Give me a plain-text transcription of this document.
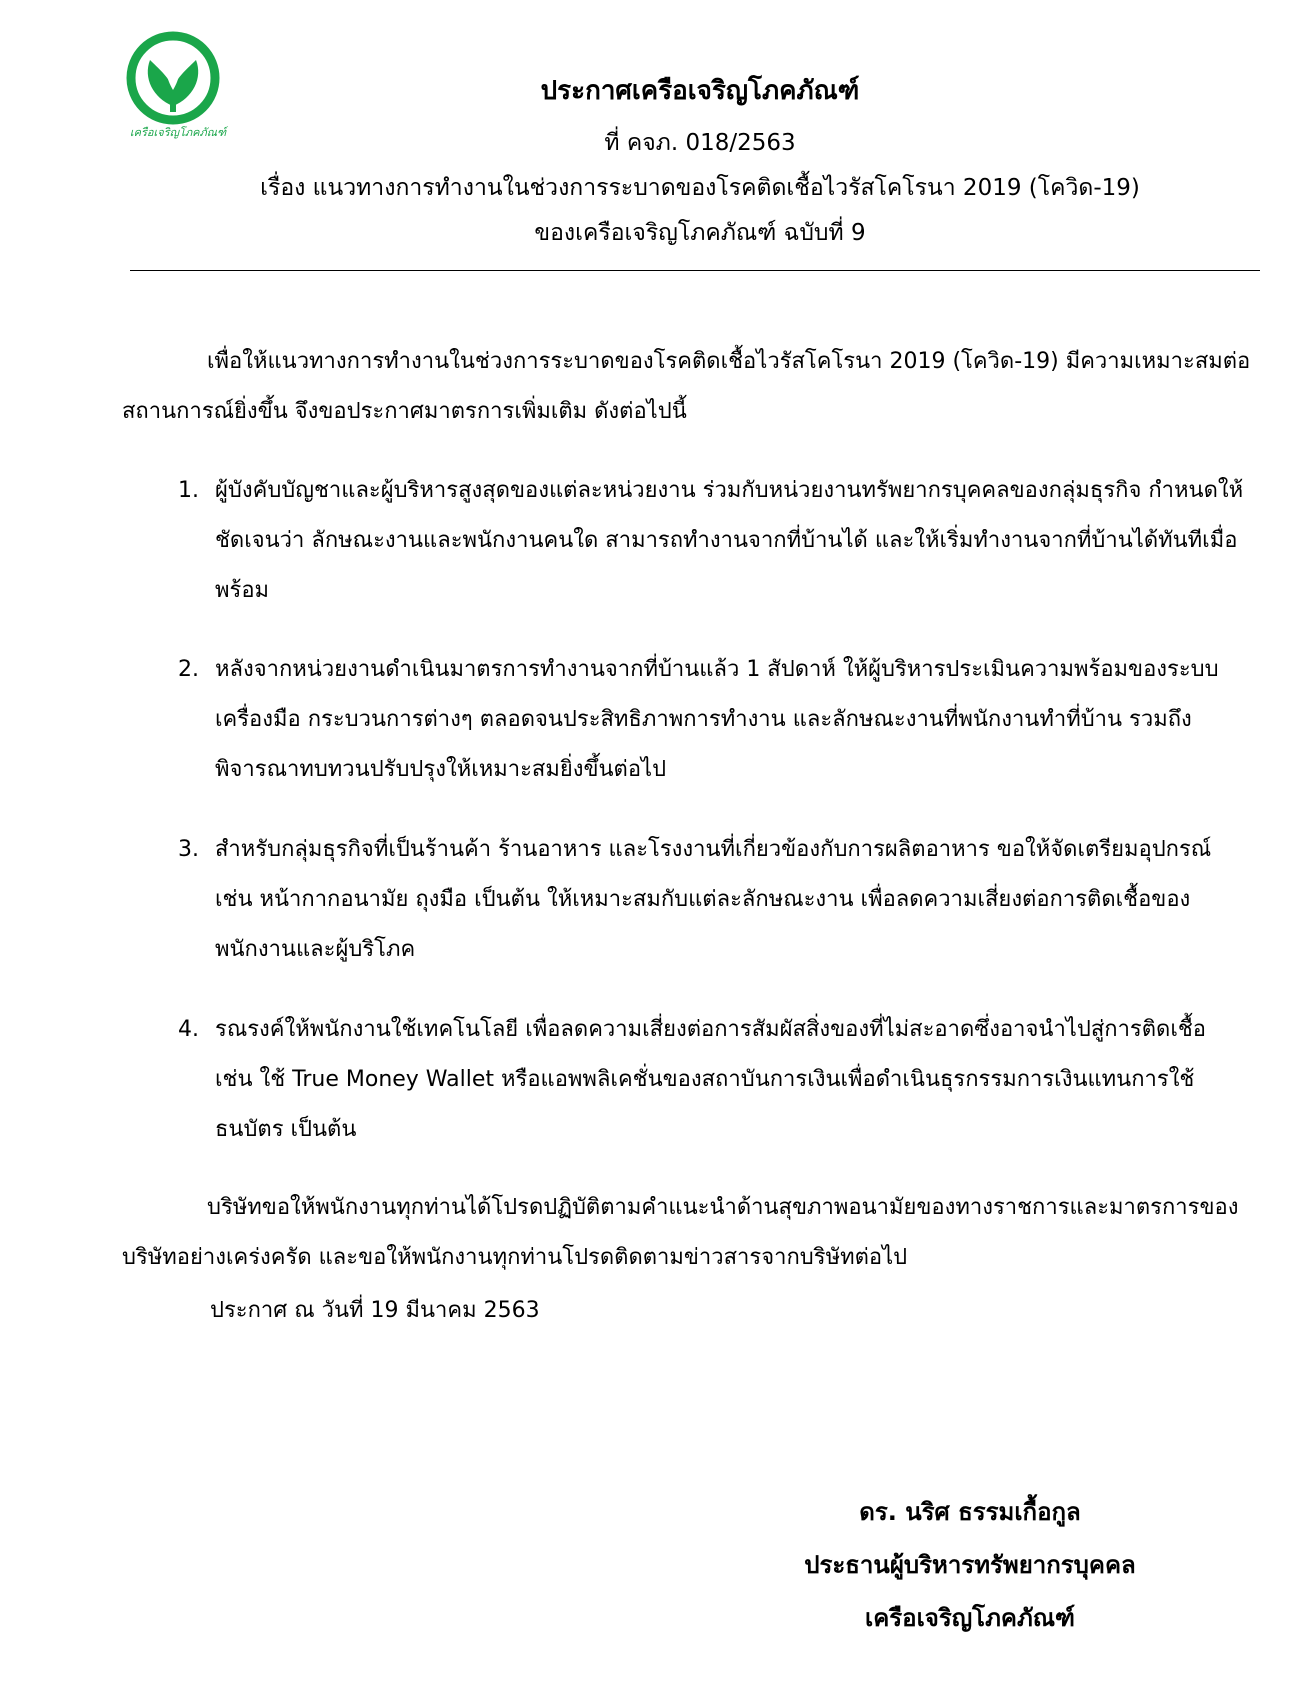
เครือเจริญโภคภัณฑ์
ประกาศเครือเจริญโภคภัณฑ์
ที่ คจภ. 018/2563
เรื่อง แนวทางการทำงานในช่วงการระบาดของโรคติดเชื้อไวรัสโคโรนา 2019 (โควิด-19)
ของเครือเจริญโภคภัณฑ์ ฉบับที่ 9

เพื่อให้แนวทางการทำงานในช่วงการระบาดของโรคติดเชื้อไวรัสโคโรนา 2019 (โควิด-19) มีความเหมาะสมต่อสถานการณ์ยิ่งขึ้น จึงขอประกาศมาตรการเพิ่มเติม ดังต่อไปนี้

1. ผู้บังคับบัญชาและผู้บริหารสูงสุดของแต่ละหน่วยงาน ร่วมกับหน่วยงานทรัพยากรบุคคลของกลุ่มธุรกิจ กำหนดให้ชัดเจนว่า ลักษณะงานและพนักงานคนใด สามารถทำงานจากที่บ้านได้ และให้เริ่มทำงานจากที่บ้านได้ทันทีเมื่อพร้อม
2. หลังจากหน่วยงานดำเนินมาตรการทำงานจากที่บ้านแล้ว 1 สัปดาห์ ให้ผู้บริหารประเมินความพร้อมของระบบ เครื่องมือ กระบวนการต่างๆ ตลอดจนประสิทธิภาพการทำงาน และลักษณะงานที่พนักงานทำที่บ้าน รวมถึงพิจารณาทบทวนปรับปรุงให้เหมาะสมยิ่งขึ้นต่อไป
3. สำหรับกลุ่มธุรกิจที่เป็นร้านค้า ร้านอาหาร และโรงงานที่เกี่ยวข้องกับการผลิตอาหาร ขอให้จัดเตรียมอุปกรณ์ เช่น หน้ากากอนามัย ถุงมือ เป็นต้น ให้เหมาะสมกับแต่ละลักษณะงาน เพื่อลดความเสี่ยงต่อการติดเชื้อของพนักงานและผู้บริโภค
4. รณรงค์ให้พนักงานใช้เทคโนโลยี เพื่อลดความเสี่ยงต่อการสัมผัสสิ่งของที่ไม่สะอาดซึ่งอาจนำไปสู่การติดเชื้อ เช่น ใช้ True Money Wallet หรือแอพพลิเคชั่นของสถาบันการเงินเพื่อดำเนินธุรกรรมการเงินแทนการใช้ธนบัตร เป็นต้น

บริษัทขอให้พนักงานทุกท่านได้โปรดปฏิบัติตามคำแนะนำด้านสุขภาพอนามัยของทางราชการและมาตรการของบริษัทอย่างเคร่งครัด และขอให้พนักงานทุกท่านโปรดติดตามข่าวสารจากบริษัทต่อไป

ประกาศ ณ วันที่ 19 มีนาคม 2563
ดร. นริศ ธรรมเกื้อกูล
ประธานผู้บริหารทรัพยากรบุคคล
เครือเจริญโภคภัณฑ์
